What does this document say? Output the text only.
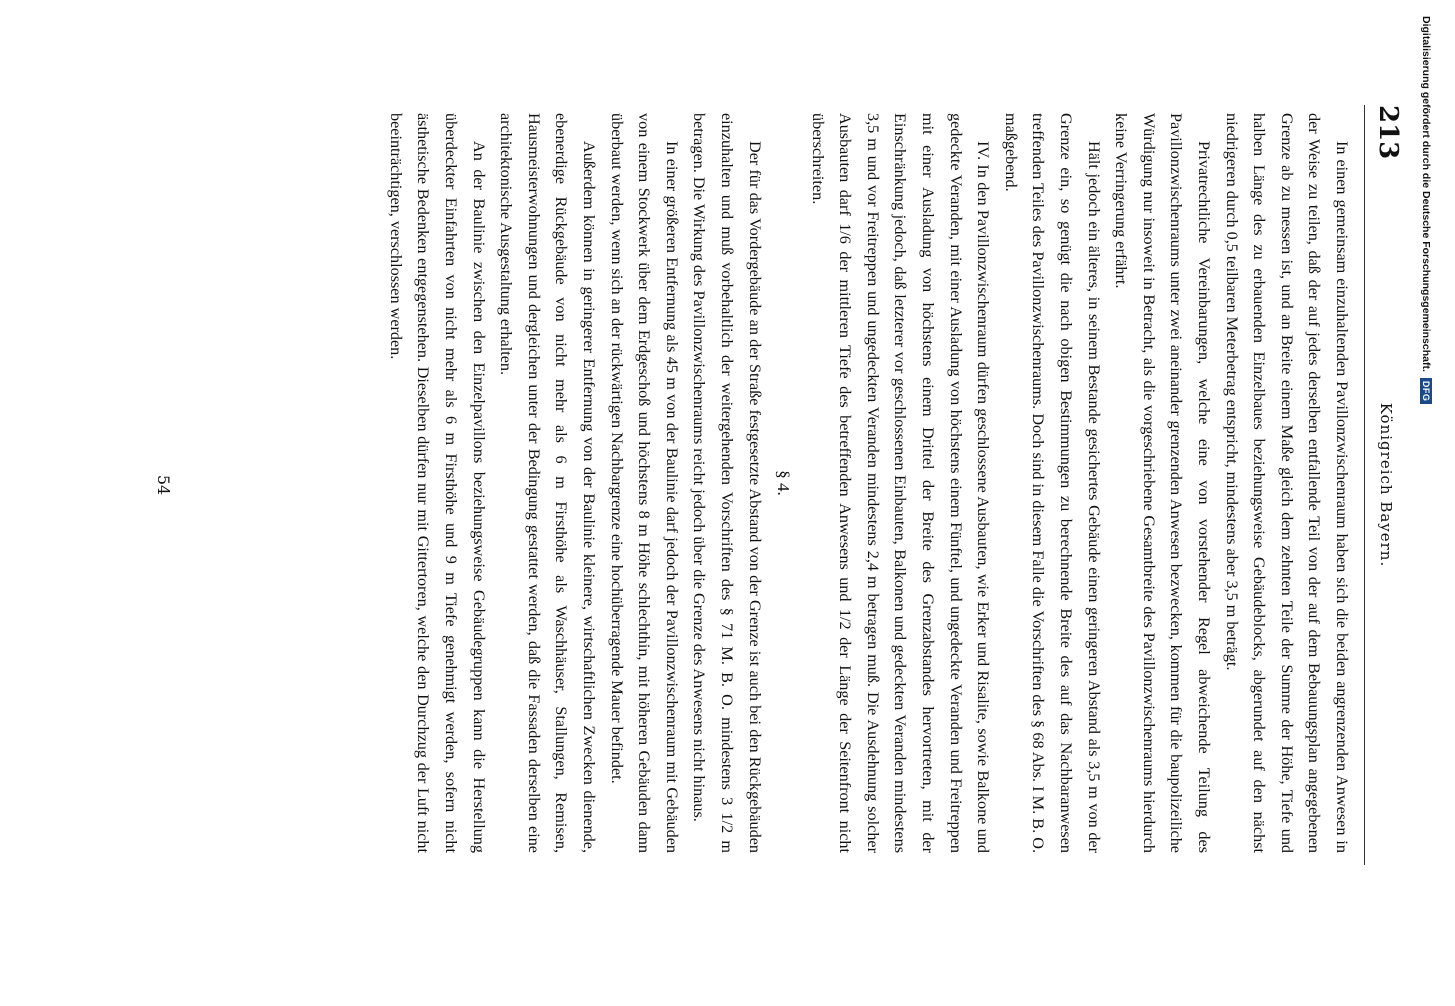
213
Königreich Bayern.

In einen gemeinsam einzuhaltenden Pavillonzwischenraum haben sich die beiden angrenzenden Anwesen in der Weise zu teilen, daß der auf jedes derselben entfallende Teil von der auf dem Bebauungsplan angegebenen Grenze ab zu messen ist, und an Breite einem Maße gleich dem zehnten Teile der Summe der Höhe, Tiefe und halben Länge des zu erbauenden Einzelbaues beziehungsweise Gebäudeblocks, abgerundet auf den nächst niedrigeren durch 0,5 teilbaren Meterbetrag entspricht, mindestens aber 3,5 m beträgt.

Privatrechtliche Vereinbarungen, welche eine von vorstehender Regel abweichende Teilung des Pavillonzwischenraums unter zwei aneinander grenzenden Anwesen bezwecken, kommen für die baupolizeiliche Würdigung nur insoweit in Betracht, als die vorgeschriebene Gesamtbreite des Pavillonzwischenraums hierdurch keine Verringerung erfährt.

Hält jedoch ein älteres, in seinem Bestande gesichertes Gebäude einen geringeren Abstand als 3,5 m von der Grenze ein, so genügt die nach obigen Bestimmungen zu berechnende Breite des auf das Nachbaranwesen treffenden Teiles des Pavillonzwischenraums. Doch sind in diesem Falle die Vorschriften des § 68 Abs. I M. B. O. maßgebend.

IV. In den Pavillonzwischenraum dürfen geschlossene Ausbauten, wie Erker und Risalite, sowie Balkone und gedeckte Veranden, mit einer Ausladung von höchstens einem Fünftel, und ungedeckte Veranden und Freitreppen mit einer Ausladung von höchstens einem Drittel der Breite des Grenzabstandes hervortreten, mit der Einschränkung jedoch, daß letzterer vor geschlossenen Einbauten, Balkonen und gedeckten Veranden mindestens 3,5 m und vor Freitreppen und ungedeckten Veranden mindestens 2,4 m betragen muß. Die Ausdehnung solcher Ausbauten darf 1/6 der mittleren Tiefe des betreffenden Anwesens und 1/2 der Länge der Seitenfront nicht überschreiten.

§ 4.

Der für das Vordergebäude an der Straße festgesetzte Abstand von der Grenze ist auch bei den Rückgebäuden einzuhalten und muß vorbehaltlich der weitergehenden Vorschriften des § 71 M. B. O. mindestens 3 1/2 m betragen. Die Wirkung des Pavillonzwischenraums reicht jedoch über die Grenze des Anwesens nicht hinaus.

In einer größeren Entfernung als 45 m von der Baulinie darf jedoch der Pavillonzwischenraum mit Gebäuden von einem Stockwerk über dem Erdgeschoß und höchstens 8 m Höhe schlechthin, mit höheren Gebäuden dann überbaut werden, wenn sich an der rückwärtigen Nachbargrenze eine hochüberragende Mauer befindet.

Außerdem können in geringerer Entfernung von der Baulinie kleinere, wirtschaftlichen Zwecken dienende, ebenerdige Rückgebäude von nicht mehr als 6 m Firsthöhe als Waschhäuser, Stallungen, Remisen, Hausmeisterwohnungen und dergleichen unter der Bedingung gestattet werden, daß die Fassaden derselben eine architektonische Ausgestaltung erhalten.

An der Baulinie zwischen den Einzelpavillons beziehungsweise Gebäudegruppen kann die Herstellung überdeckter Einfahrten von nicht mehr als 6 m Firsthöhe und 9 m Tiefe genehmigt werden, sofern nicht ästhetische Bedenken entgegenstehen. Dieselben dürfen nur mit Gittertoren, welche den Durchzug der Luft nicht beeinträchtigen, verschlossen werden.

54
Digitalisierung gefördert durch die Deutsche Forschungsgemeinschaft.
DFG
